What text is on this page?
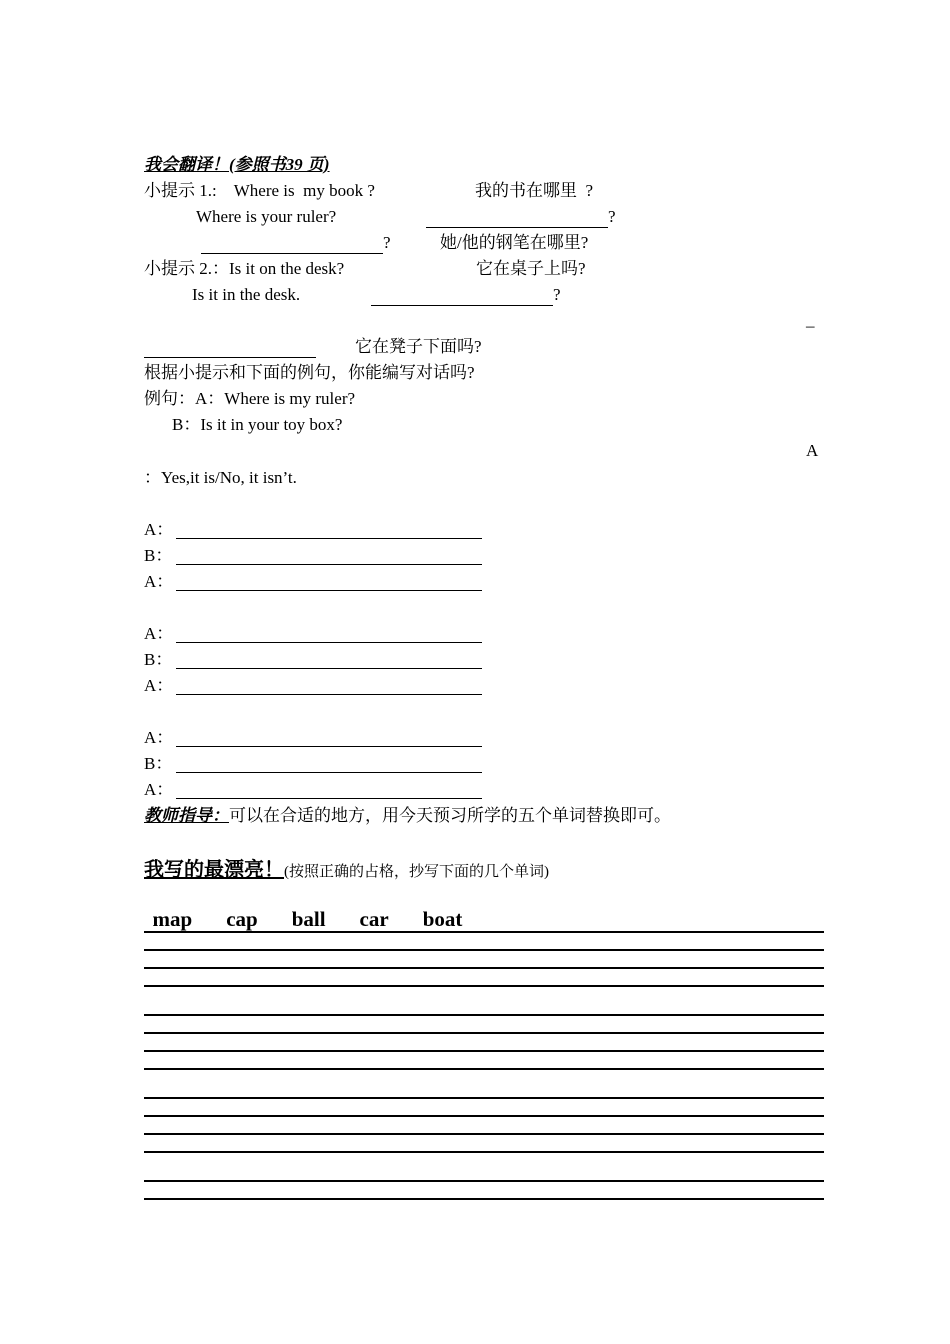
我会翻译！(参照书39 页)
小提示 1.:    Where is  my book ?	我的书在哪里  ?
Where is your ruler?	?
?	她/他的钢笔在哪里?
小提示 2.：Is it on the desk?	它在桌子上吗?
Is it in the desk.	?
–

它在凳子下面吗?
根据小提示和下面的例句，你能编写对话吗?
例句：A：Where is my ruler?
B：Is it in your toy box?
A
：Yes,it is/No, it isn’t.
A：
B：
A：
A：
B：
A：
A：
B：
A：
教师指导：可以在合适的地方，用今天预习所学的五个单词替换即可。
我写的最漂亮！(按照正确的占格，抄写下面的几个单词)

map cap ball car boat
